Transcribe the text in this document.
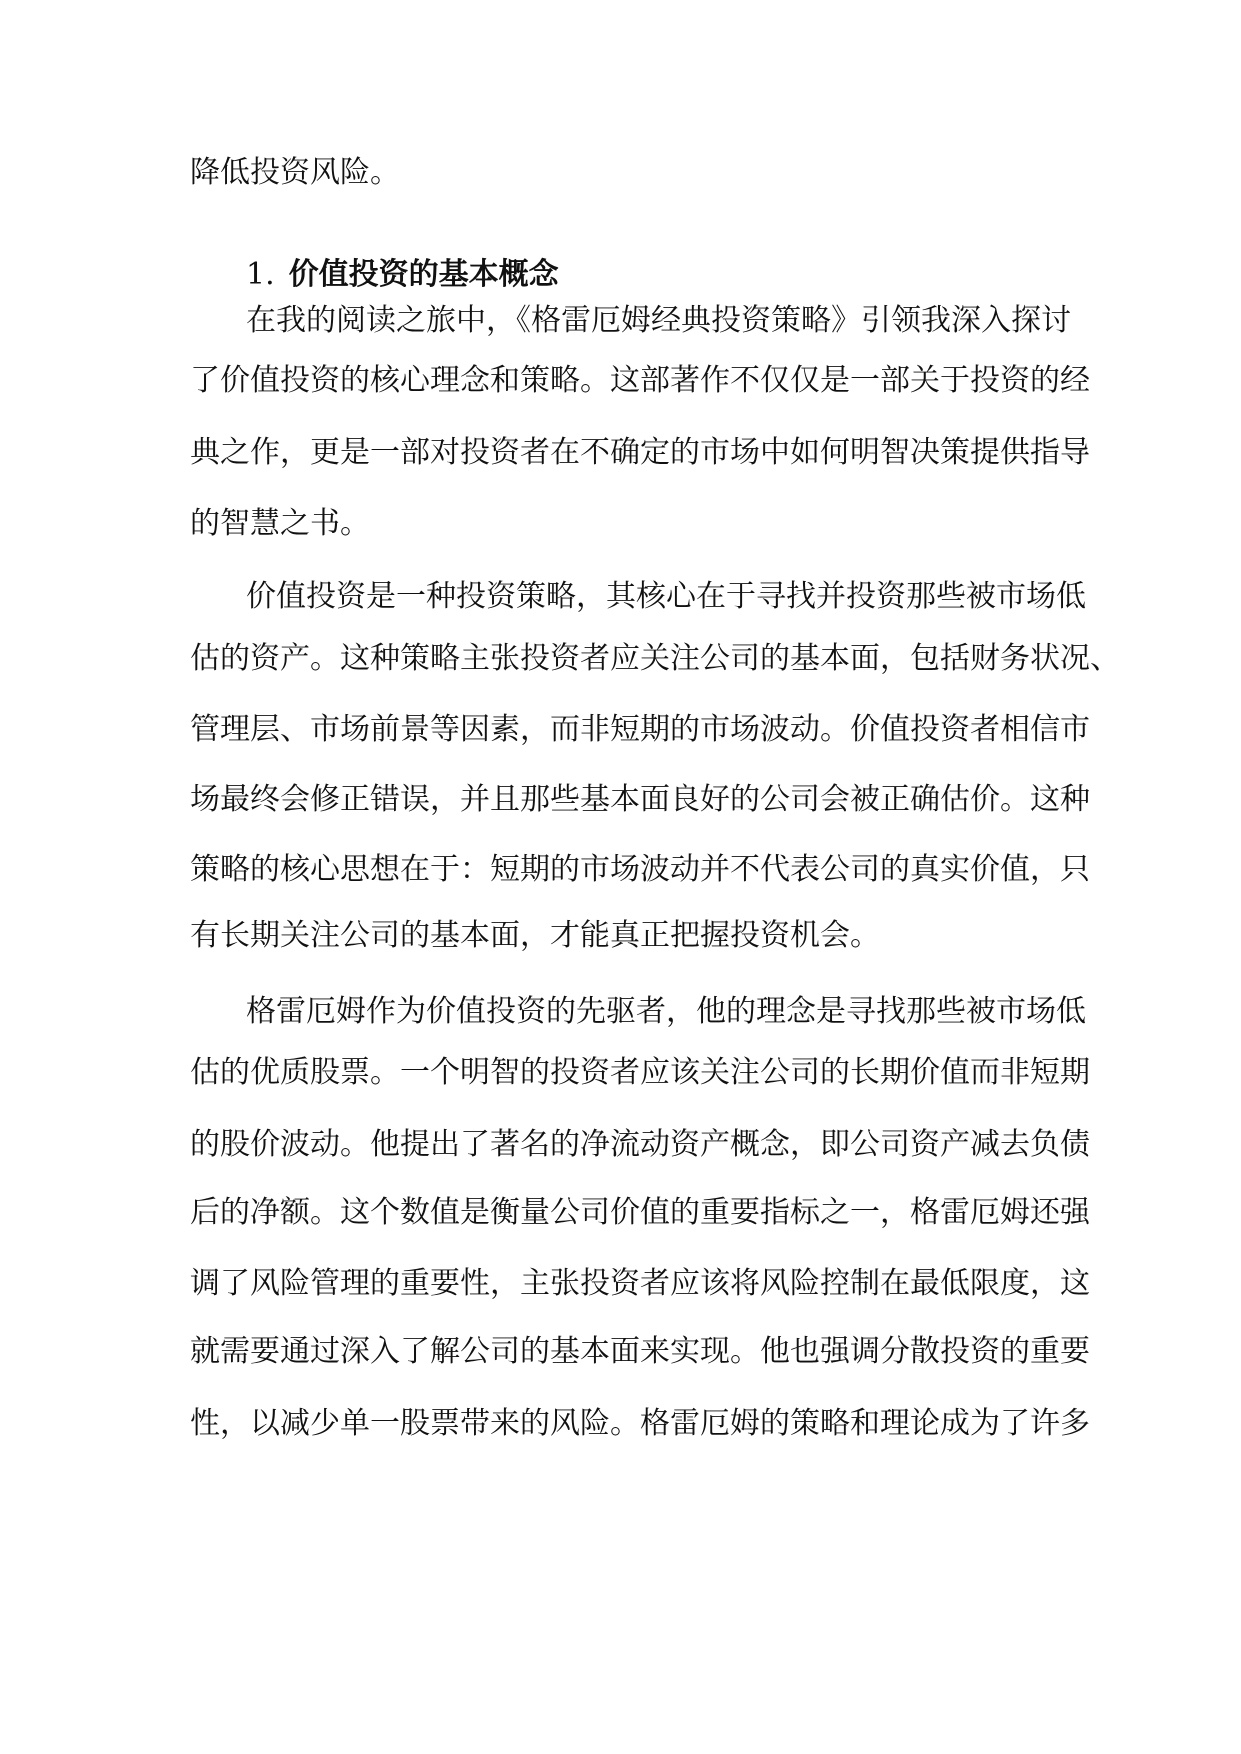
降低投资风险。
1. 价值投资的基本概念
在我的阅读之旅中，《格雷厄姆经典投资策略》引领我深入探讨
了价值投资的核心理念和策略。这部著作不仅仅是一部关于投资的经
典之作，更是一部对投资者在不确定的市场中如何明智决策提供指导
的智慧之书。
价值投资是一种投资策略，其核心在于寻找并投资那些被市场低
估的资产。这种策略主张投资者应关注公司的基本面，包括财务状况、
管理层、市场前景等因素，而非短期的市场波动。价值投资者相信市
场最终会修正错误，并且那些基本面良好的公司会被正确估价。这种
策略的核心思想在于：短期的市场波动并不代表公司的真实价值，只
有长期关注公司的基本面，才能真正把握投资机会。
格雷厄姆作为价值投资的先驱者，他的理念是寻找那些被市场低
估的优质股票。一个明智的投资者应该关注公司的长期价值而非短期
的股价波动。他提出了著名的净流动资产概念，即公司资产减去负债
后的净额。这个数值是衡量公司价值的重要指标之一，格雷厄姆还强
调了风险管理的重要性，主张投资者应该将风险控制在最低限度，这
就需要通过深入了解公司的基本面来实现。他也强调分散投资的重要
性，以减少单一股票带来的风险。格雷厄姆的策略和理论成为了许多
